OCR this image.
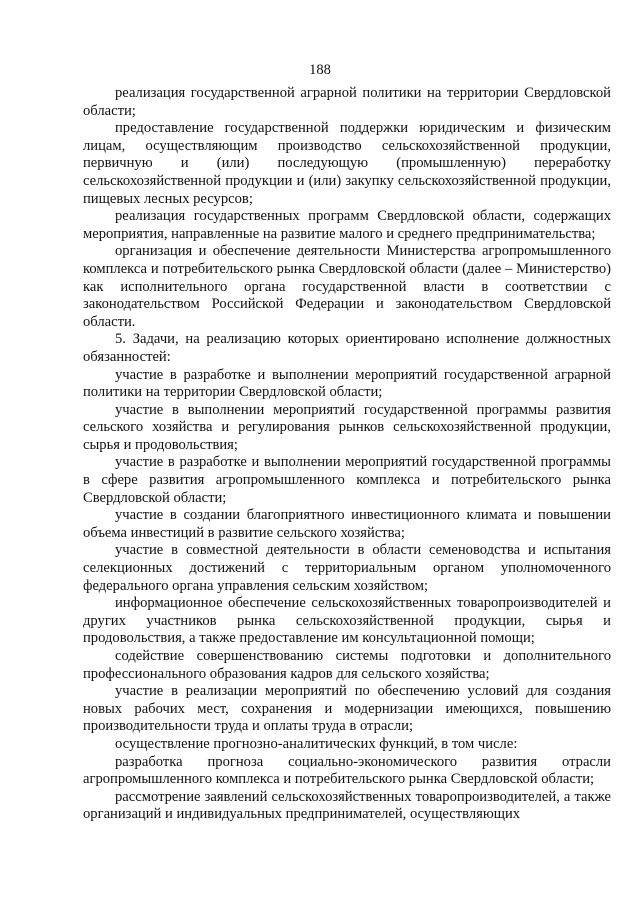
188

реализация государственной аграрной политики на территории Свердловской области;

предоставление государственной поддержки юридическим и физическим лицам, осуществляющим производство сельскохозяйственной продукции, первичную и (или) последующую (промышленную) переработку сельскохозяйственной продукции и (или) закупку сельскохозяйственной продукции, пищевых лесных ресурсов;

реализация государственных программ Свердловской области, содержащих мероприятия, направленные на развитие малого и среднего предпринимательства;

организация и обеспечение деятельности Министерства агропромышленного комплекса и потребительского рынка Свердловской области (далее – Министерство) как исполнительного органа государственной власти в соответствии с законодательством Российской Федерации и законодательством Свердловской области.

5. Задачи, на реализацию которых ориентировано исполнение должностных обязанностей:

участие в разработке и выполнении мероприятий государственной аграрной политики на территории Свердловской области;

участие в выполнении мероприятий государственной программы развития сельского хозяйства и регулирования рынков сельскохозяйственной продукции, сырья и продовольствия;

участие в разработке и выполнении мероприятий государственной программы в сфере развития агропромышленного комплекса и потребительского рынка Свердловской области;

участие в создании благоприятного инвестиционного климата и повышении объема инвестиций в развитие сельского хозяйства;

участие в совместной деятельности в области семеноводства и испытания селекционных достижений с территориальным органом уполномоченного федерального органа управления сельским хозяйством;

информационное обеспечение сельскохозяйственных товаропроизводителей и других участников рынка сельскохозяйственной продукции, сырья и продовольствия, а также предоставление им консультационной помощи;

содействие совершенствованию системы подготовки и дополнительного профессионального образования кадров для сельского хозяйства;

участие в реализации мероприятий по обеспечению условий для создания новых рабочих мест, сохранения и модернизации имеющихся, повышению производительности труда и оплаты труда в отрасли;

осуществление прогнозно-аналитических функций, в том числе:

разработка прогноза социально-экономического развития отрасли агропромышленного комплекса и потребительского рынка Свердловской области;

рассмотрение заявлений сельскохозяйственных товаропроизводителей, а также организаций и индивидуальных предпринимателей, осуществляющих
